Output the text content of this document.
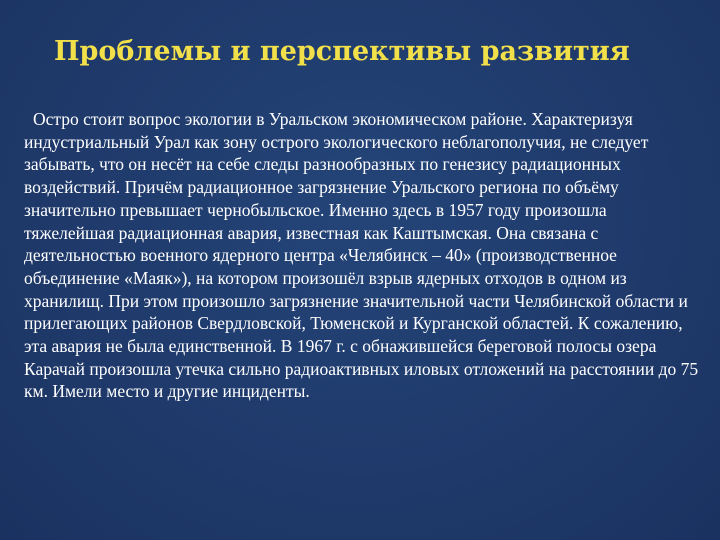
Проблемы и перспективы развития
Остро стоит вопрос экологии в Уральском экономическом районе. Характеризуя индустриальный Урал как зону острого экологического неблагополучия, не следует забывать, что он несёт на себе следы разнообразных по генезису радиационных воздействий. Причём радиационное загрязнение Уральского региона по объёму значительно превышает чернобыльское. Именно здесь в 1957 году произошла тяжелейшая радиационная авария, известная как Каштымская. Она связана с деятельностью военного ядерного центра «Челябинск – 40» (производственное объединение «Маяк»), на котором произошёл взрыв ядерных отходов в одном из хранилищ. При этом произошло загрязнение значительной части Челябинской области и прилегающих районов Свердловской, Тюменской и Курганской областей. К сожалению, эта авария не была единственной. В 1967 г. с обнажившейся береговой полосы озера Карачай произошла утечка сильно радиоактивных иловых отложений на расстоянии до 75 км. Имели место и другие инциденты.
